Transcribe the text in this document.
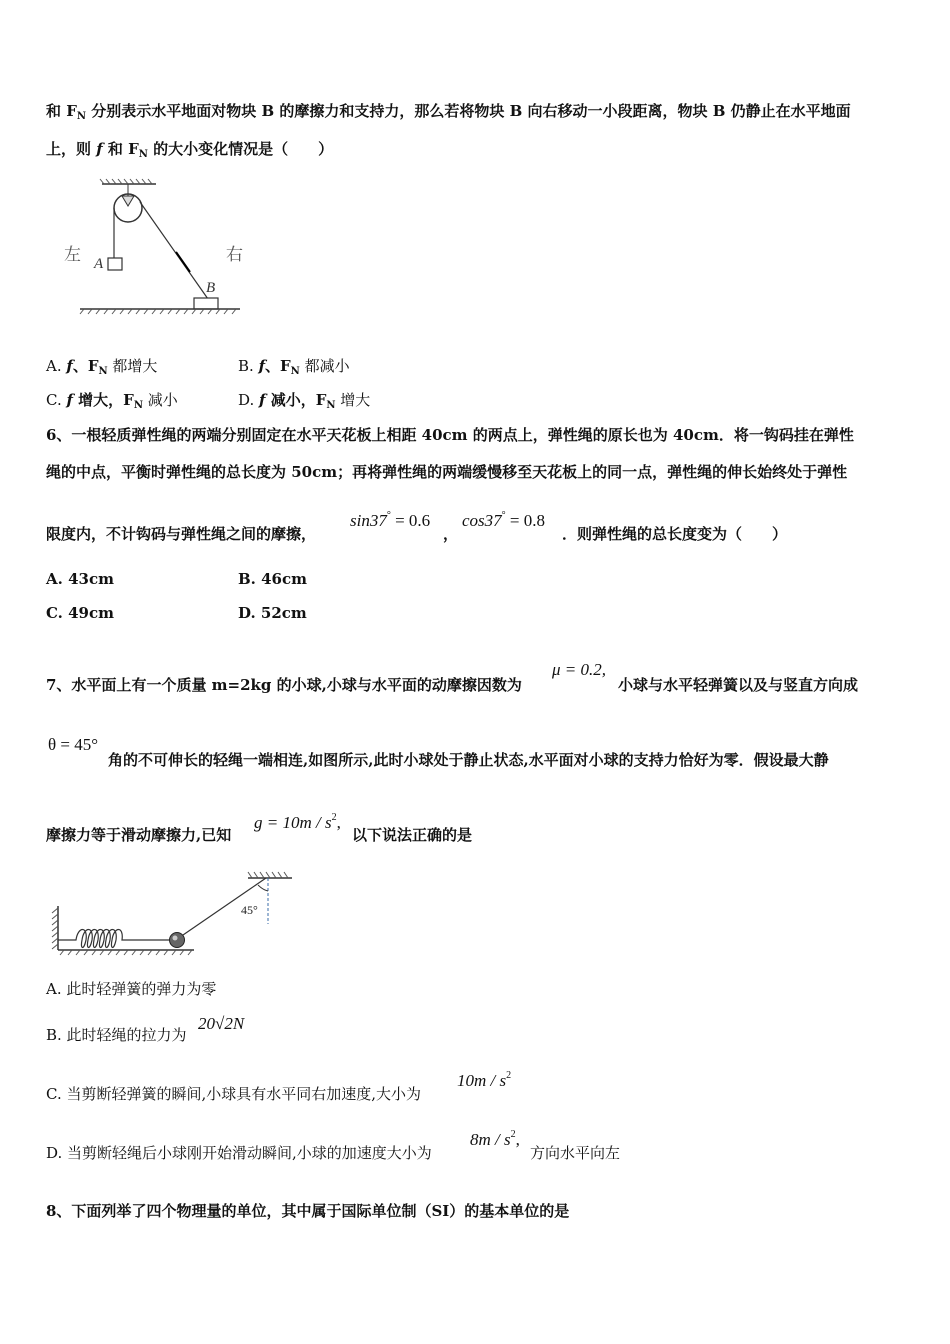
和 $F_N$ 分别表示水平地面对物块 B 的摩擦力和支持力，那么若将物块 B 向右移动一小段距离，物块 B 仍静止在水平地面
上，则 f 和 $F_N$ 的大小变化情况是（　　）
左 A	右
B
A. f、$F_N$ 都增大	B. f、$F_N$ 都减小
C. f 增大，$F_N$ 减小	D. f 减小，$F_N$ 增大
6、一根轻质弹性绳的两端分别固定在水平天花板上相距 40cm 的两点上，弹性绳的原长也为 40cm．将一钩码挂在弹性
绳的中点，平衡时弹性绳的总长度为 50cm；再将弹性绳的两端缓慢移至天花板上的同一点，弹性绳的伸长始终处于弹性
限度内，不计钩码与弹性绳之间的摩擦，
sin37° = 0.6
，
cos37° = 0.8
．则弹性绳的总长度变为（　　）
A. 43cm	B. 46cm
C. 49cm	D. 52cm
7、水平面上有一个质量 m=2kg 的小球,小球与水平面的动摩擦因数为
μ = 0.2,
小球与水平轻弹簧以及与竖直方向成
θ = 45°
角的不可伸长的轻绳一端相连,如图所示,此时小球处于静止状态,水平面对小球的支持力恰好为零．假设最大静
摩擦力等于滑动摩擦力,已知
$g = 10m / s^2$,
以下说法正确的是
45°
A. 此时轻弹簧的弹力为零
B. 此时轻绳的拉力为
20√2N
C. 当剪断轻弹簧的瞬间,小球具有水平同右加速度,大小为
$10m / s^2$
D. 当剪断轻绳后小球刚开始滑动瞬间,小球的加速度大小为
$8m / s^2$,
方向水平向左
8、下面列举了四个物理量的单位，其中属于国际单位制（SI）的基本单位的是
